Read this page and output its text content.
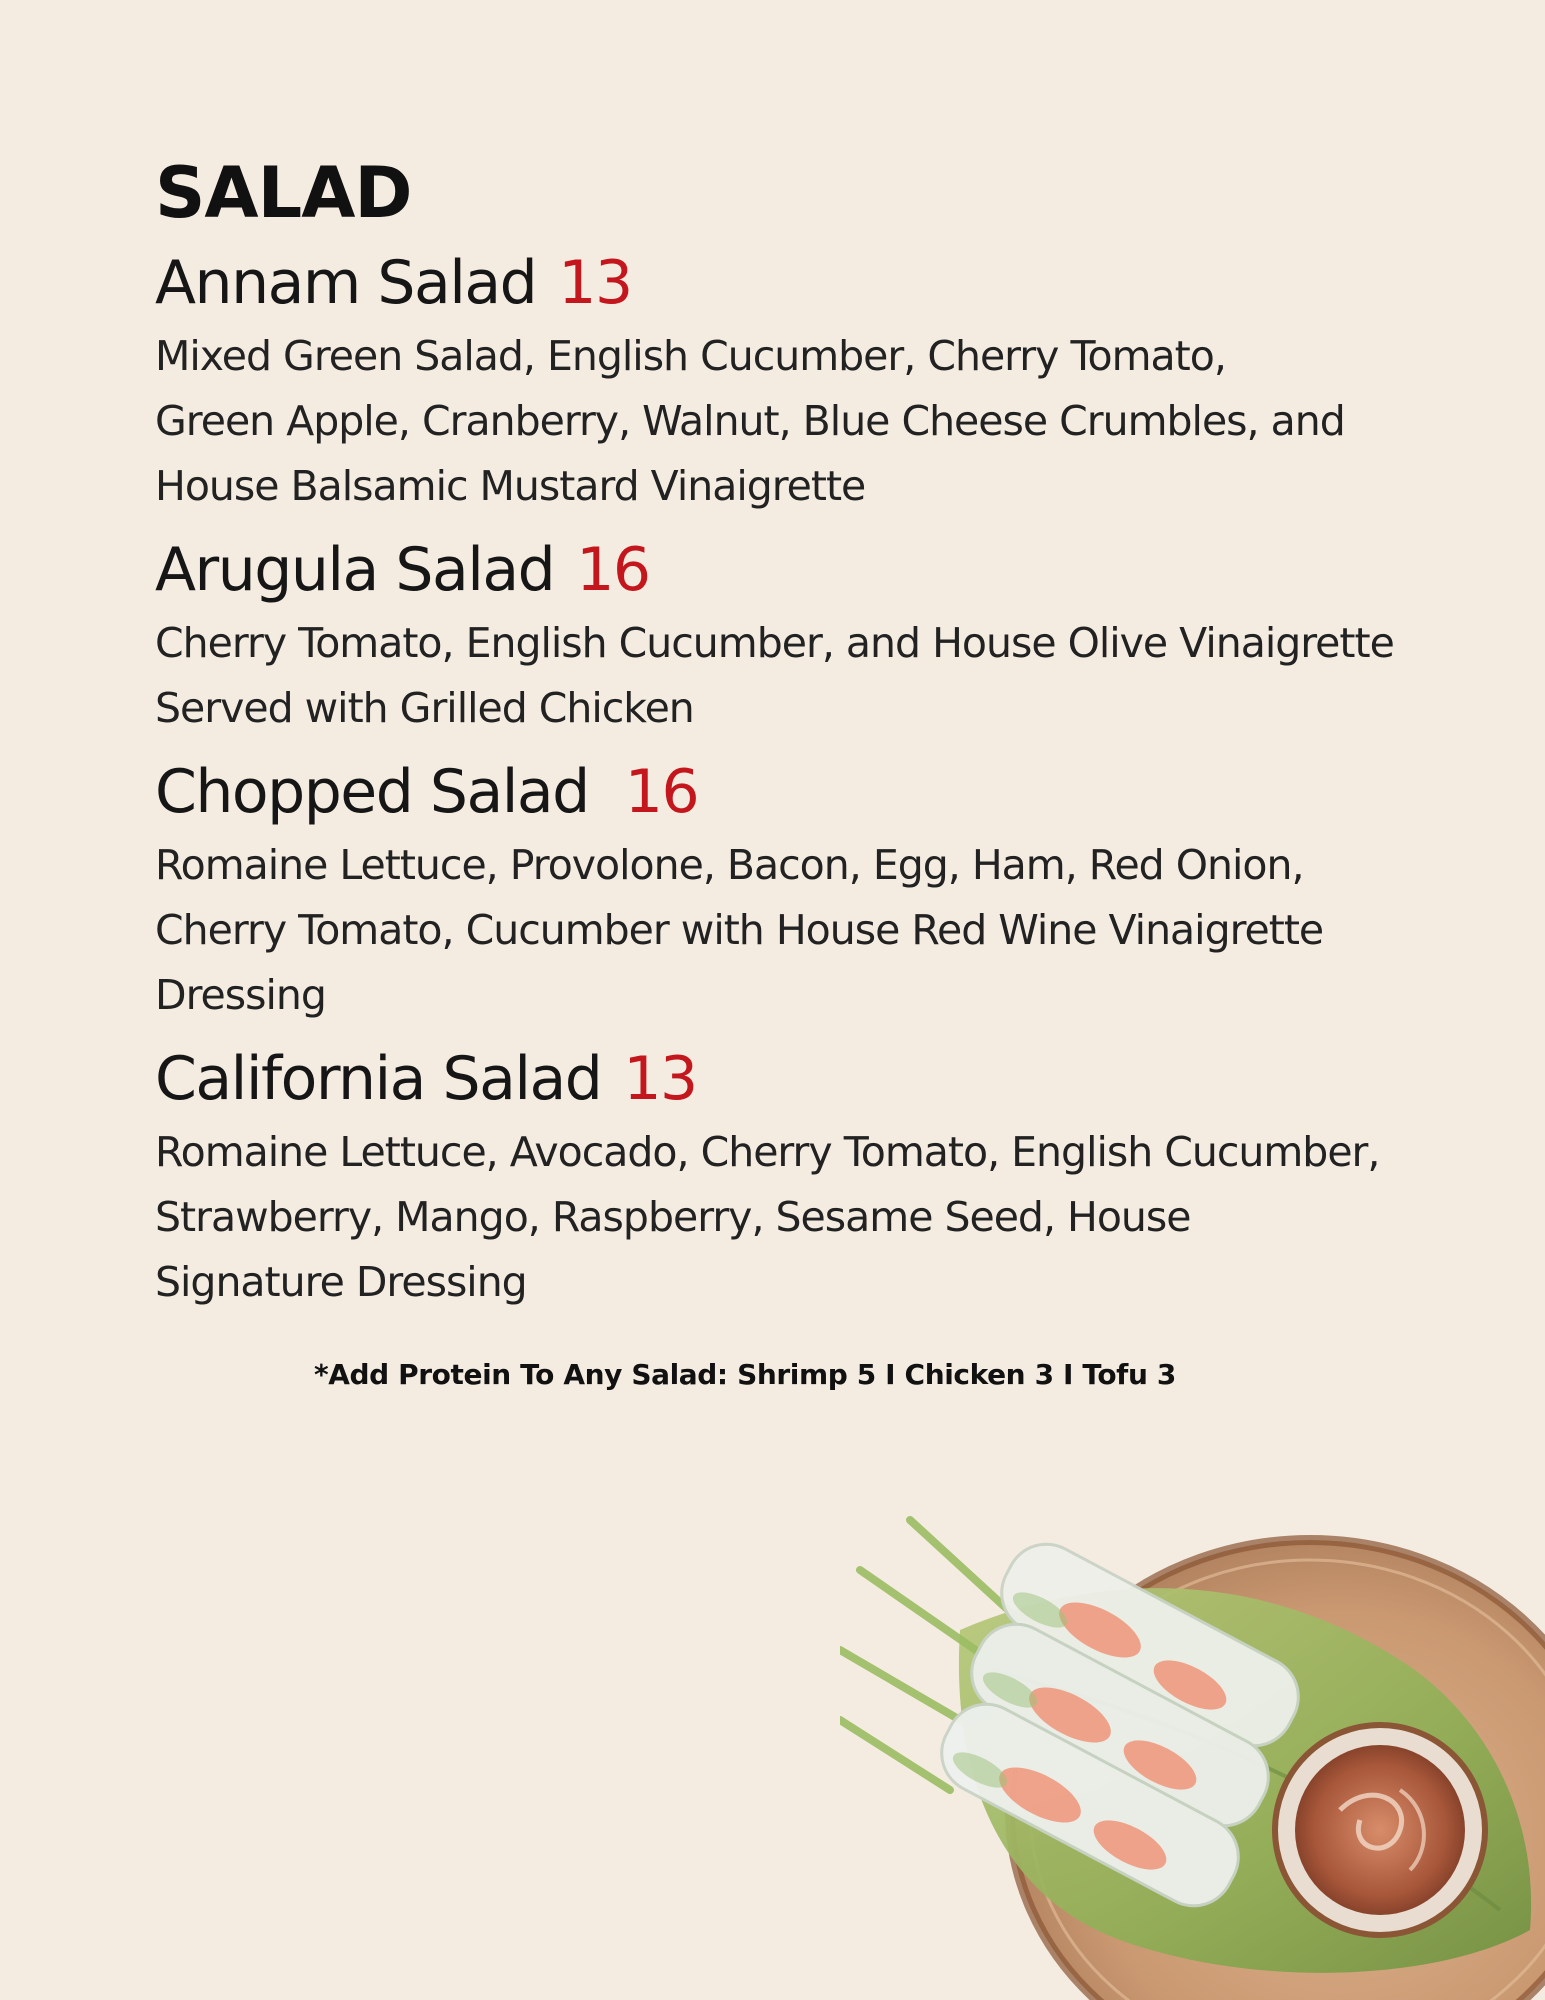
SALAD
Annam Salad 13

Mixed Green Salad, English Cucumber, Cherry Tomato, Green Apple, Cranberry, Walnut, Blue Cheese Crumbles, and House Balsamic Mustard Vinaigrette

Arugula Salad 16

Cherry Tomato, English Cucumber, and House Olive Vinaigrette Served with Grilled Chicken

Chopped Salad 16

Romaine Lettuce, Provolone, Bacon, Egg, Ham, Red Onion, Cherry Tomato, Cucumber with House Red Wine Vinaigrette Dressing

California Salad 13

Romaine Lettuce, Avocado, Cherry Tomato, English Cucumber, Strawberry, Mango, Raspberry, Sesame Seed, House Signature Dressing

*Add Protein To Any Salad: Shrimp 5 I Chicken 3 I Tofu 3
